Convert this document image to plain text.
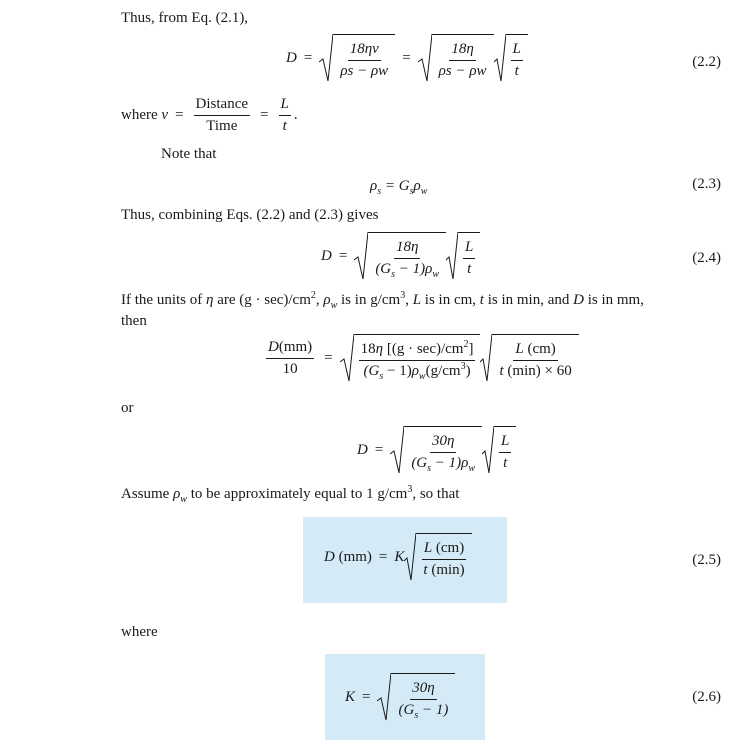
Thus, from Eq. (2.1),
$D = \frac{18\eta v}{\rho s - \rho w} = \frac{18\eta}{\rho s - \rho w} \frac{L}{t}$	(2.2)
where
$v = \frac{\text{Distance}}{\text{Time}} = \frac{L}{t}$ .
Note that
$\rho_s = G_s\rho_w$	(2.3)
Thus, combining Eqs. (2.2) and (2.3) gives
$D = \frac{18\eta}{(G_s - 1)\rho_w} \frac{L}{t}$	(2.4)
If the units of η are $(g \cdot \sec)/cm^2$, $\rho_w$ is in $g/cm^3$, L is in cm, t is in min, and D is in mm,
then
$\frac{D(mm)}{10} = \frac{18\eta [(g \cdot \sec)/cm^2]}{(G_s - 1)\rho_w(g/cm^3)} \frac{L (cm)}{t (\min) \times 60}$
or
$D = \frac{30\eta}{(G_s - 1)\rho_w} \frac{L}{t}$
Assume $\rho_w$ to be approximately equal to 1 $g/cm^3$, so that
D (mm) = K $\frac{L (cm)}{t (\min)}$	(2.5)
where
$K = \frac{30\eta}{(G_s - 1)}$	(2.6)
